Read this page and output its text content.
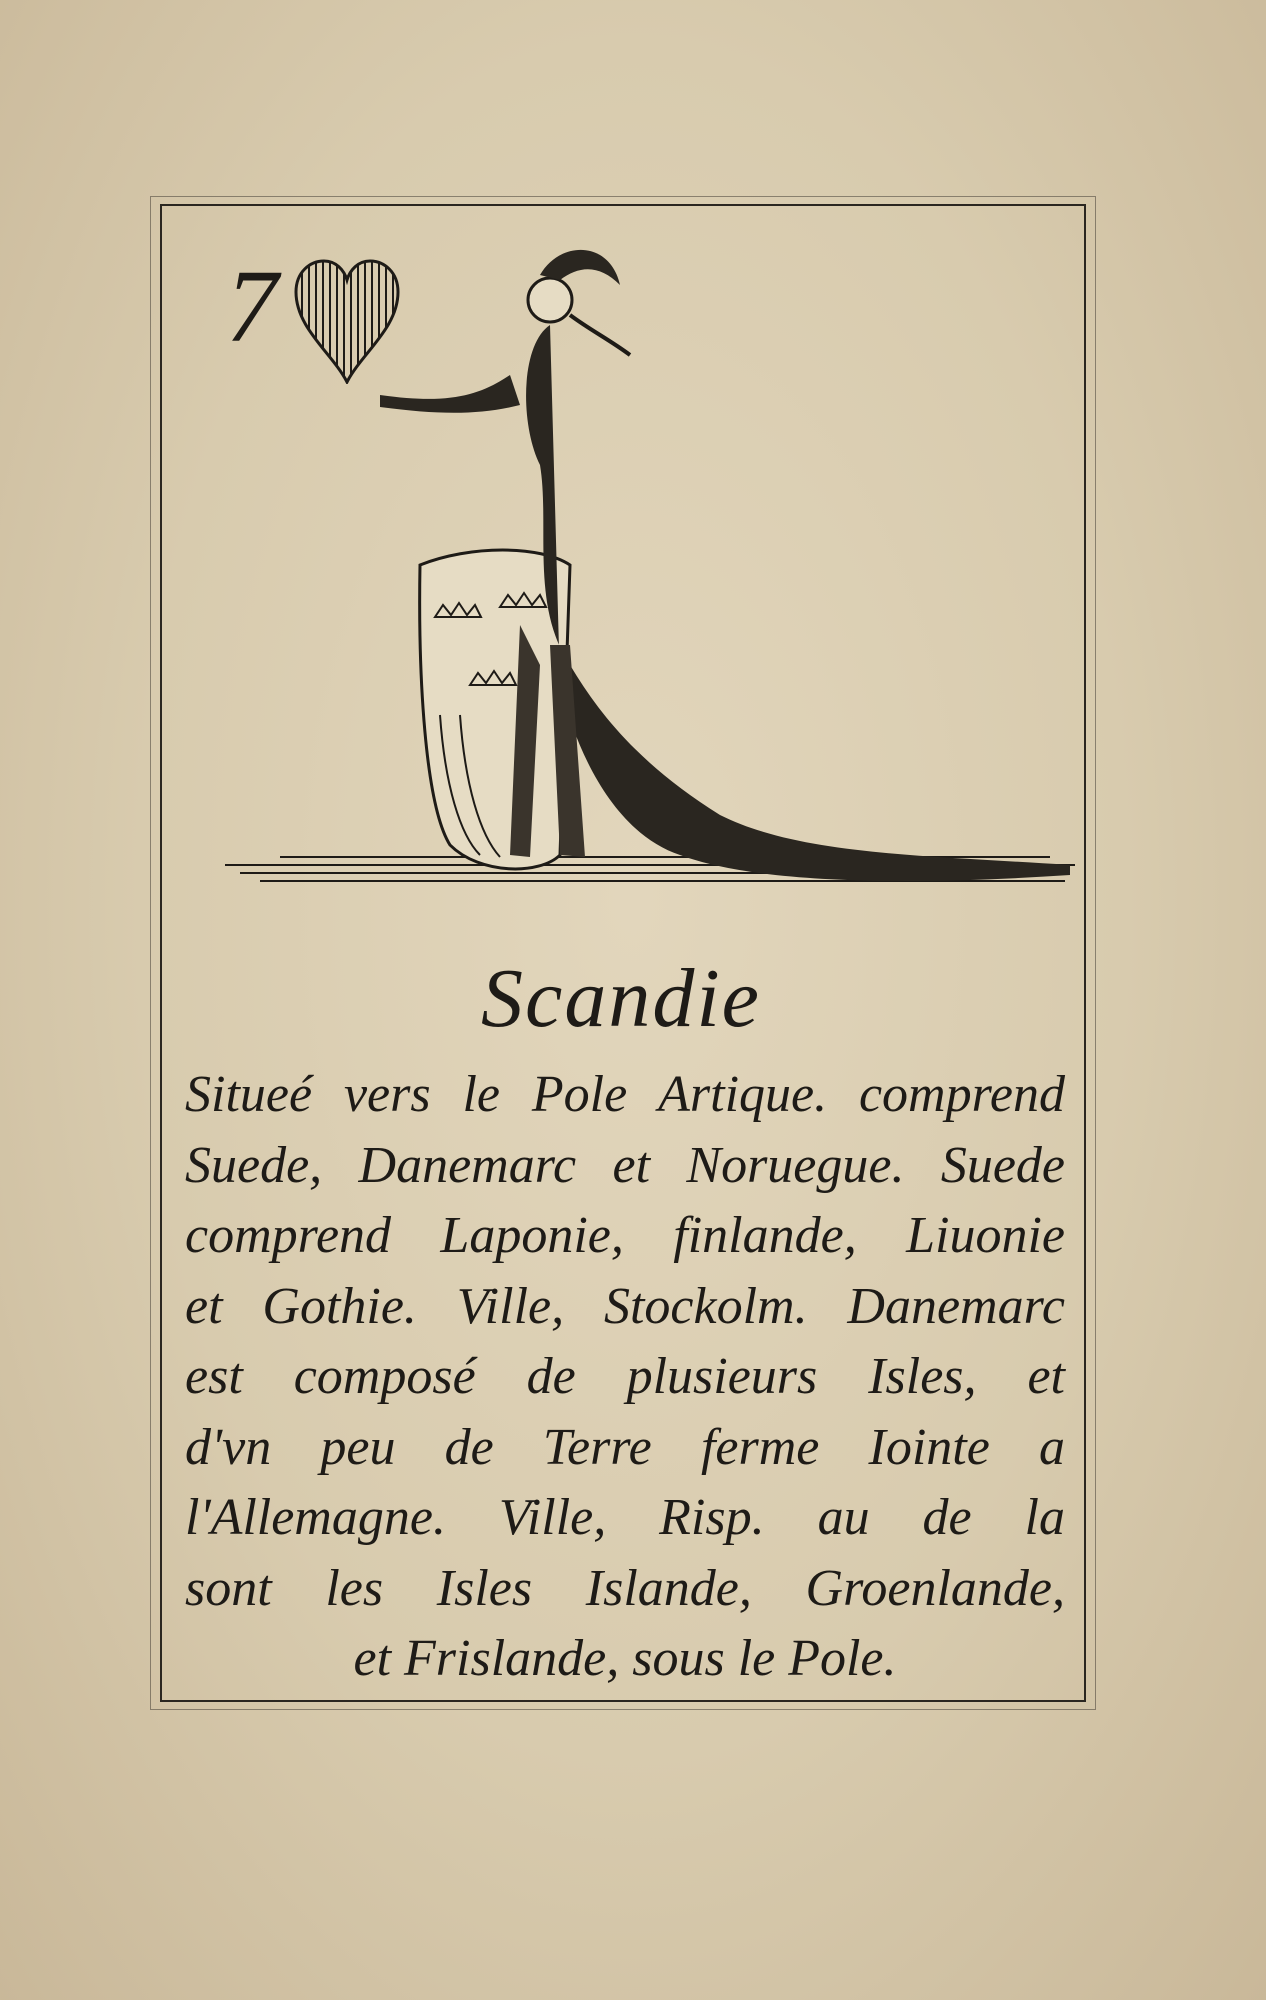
7
Scandie
Situeé vers le Pole Artique. comprend
Suede, Danemarc et Noruegue. Suede
comprend Laponie, finlande, Liuonie
et Gothie. Ville, Stockolm. Danemarc
est composé de plusieurs Isles, et
d'vn peu de Terre ferme Iointe a
l'Allemagne. Ville, Risp. au de la
sont les Isles Islande, Groenlande,
et Frislande, sous le Pole.
